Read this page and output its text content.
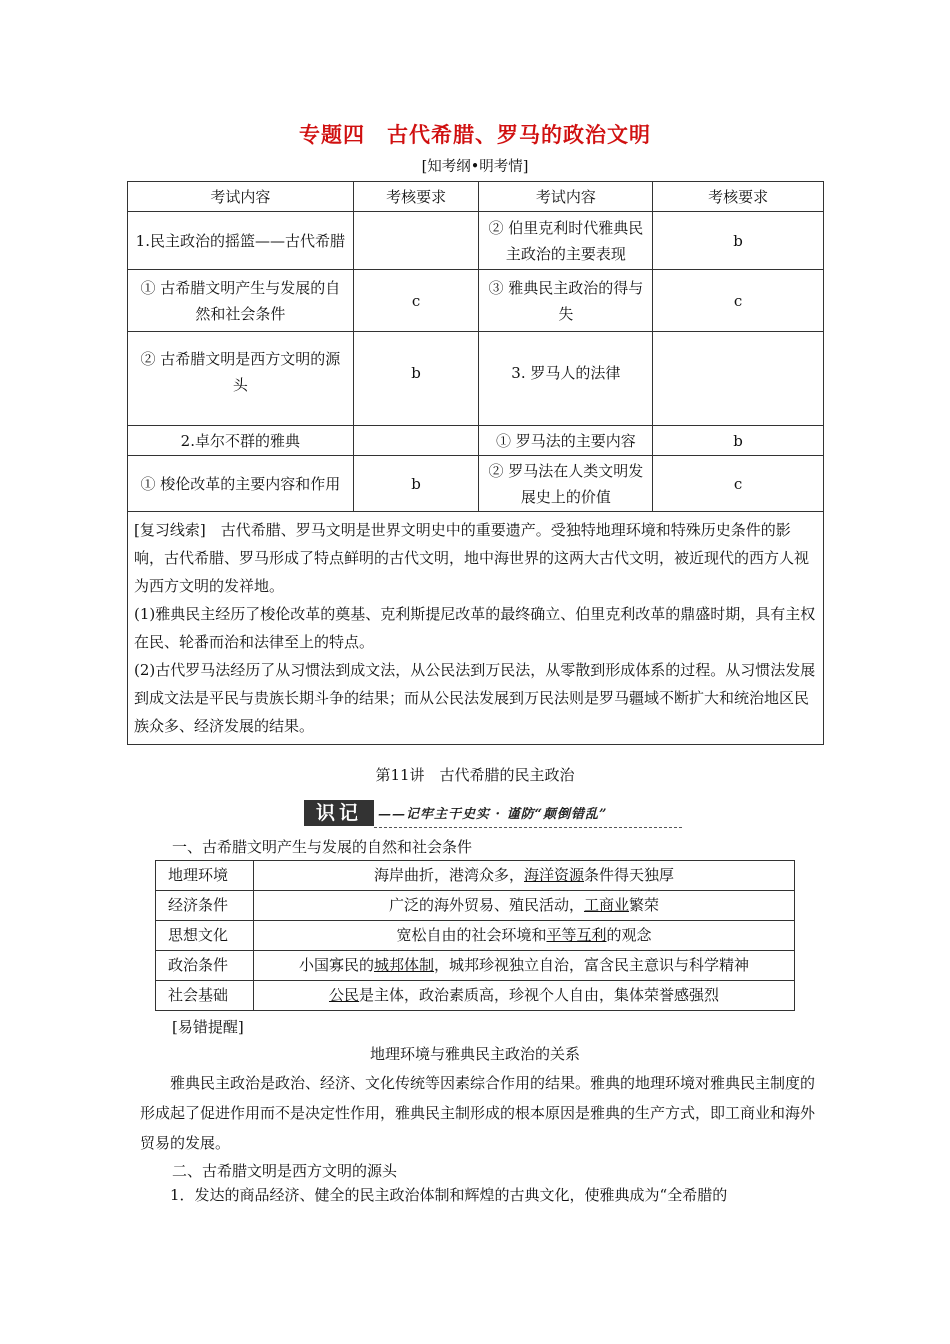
专题四　古代希腊、罗马的政治文明
[知考纲•明考情]
考试内容	考核要求	考试内容	考核要求
1.民主政治的摇篮——古代希腊		② 伯里克利时代雅典民主政治的主要表现	b
① 古希腊文明产生与发展的自然和社会条件	c	③ 雅典民主政治的得与失	c
② 古希腊文明是西方文明的源头	b	3. 罗马人的法律	
2.卓尔不群的雅典		① 罗马法的主要内容	b
① 梭伦改革的主要内容和作用	b	② 罗马法在人类文明发展史上的价值	c

[复习线索]　古代希腊、罗马文明是世界文明史中的重要遗产。受独特地理环境和特殊历史条件的影响，古代希腊、罗马形成了特点鲜明的古代文明，地中海世界的这两大古代文明，被近现代的西方人视为西方文明的发祥地。

(1)雅典民主经历了梭伦改革的奠基、克利斯提尼改革的最终确立、伯里克利改革的鼎盛时期，具有主权在民、轮番而治和法律至上的特点。

(2)古代罗马法经历了从习惯法到成文法，从公民法到万民法，从零散到形成体系的过程。从习惯法发展到成文法是平民与贵族长期斗争的结果；而从公民法发展到万民法则是罗马疆域不断扩大和统治地区民族众多、经济发展的结果。			

第11讲　古代希腊的民主政治
识记	——记牢主干史实 · 谨防“颠倒错乱”
一、古希腊文明产生与发展的自然和社会条件
地理环境	海岸曲折，港湾众多，海洋资源条件得天独厚
经济条件	广泛的海外贸易、殖民活动，工商业繁荣
思想文化	宽松自由的社会环境和平等互利的观念
政治条件	小国寡民的城邦体制，城邦珍视独立自治，富含民主意识与科学精神
社会基础	公民是主体，政治素质高，珍视个人自由，集体荣誉感强烈
[易错提醒]
地理环境与雅典民主政治的关系
雅典民主政治是政治、经济、文化传统等因素综合作用的结果。雅典的地理环境对雅典民主制度的形成起了促进作用而不是决定性作用，雅典民主制形成的根本原因是雅典的生产方式，即工商业和海外贸易的发展。
二、古希腊文明是西方文明的源头
1．发达的商品经济、健全的民主政治体制和辉煌的古典文化，使雅典成为“全希腊的
